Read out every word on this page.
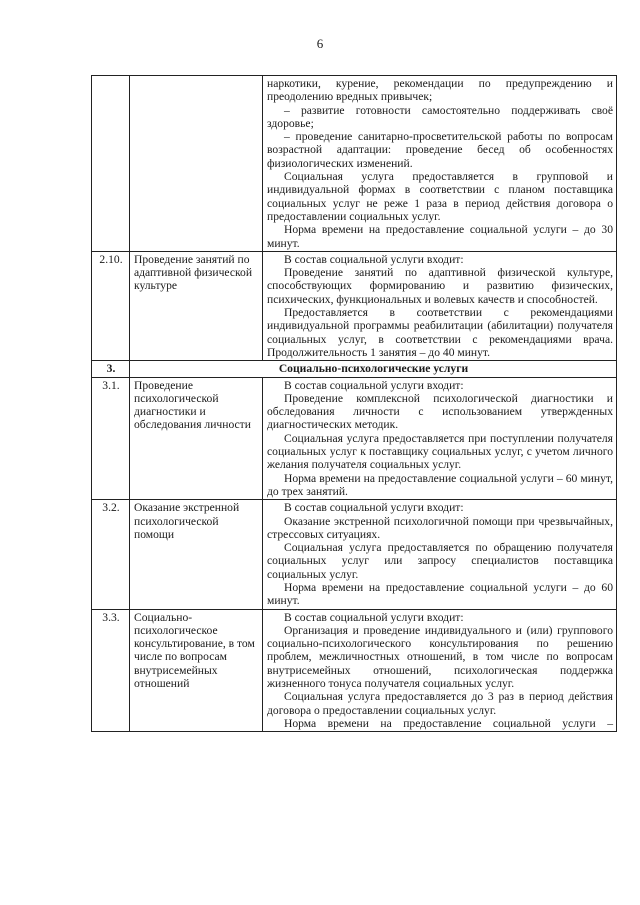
6

		наркотики, курение, рекомендации по предупреждению и преодолению вредных привычек;

– развитие готовности самостоятельно поддерживать своё здоровье;

– проведение санитарно-просветительской работы по вопросам возрастной адаптации: проведение бесед об особенностях физиологических изменений.

Социальная услуга предоставляется в групповой и индивидуальной формах в соответствии с планом поставщика социальных услуг не реже 1 раза в период действия договора о предоставлении социальных услуг.

Норма времени на предоставление социальной услуги – до 30 минут.

2.10.	Проведение занятий по адаптивной физической культуре	В состав социальной услуги входит:

Проведение занятий по адаптивной физической культуре, способствующих формированию и развитию физических, психических, функциональных и волевых качеств и способностей.

Предоставляется в соответствии с рекомендациями индивидуальной программы реабилитации (абилитации) получателя социальных услуг, в соответствии с рекомендациями врача. Продолжительность 1 занятия – до 40 минут.

3.	Социально-психологические услуги	
3.1.	Проведение психологической диагностики и обследования личности	В состав социальной услуги входит:

Проведение комплексной психологической диагностики и обследования личности с использованием утвержденных диагностических методик.

Социальная услуга предоставляется при поступлении получателя социальных услуг к поставщику социальных услуг, с учетом личного желания получателя социальных услуг.

Норма времени на предоставление социальной услуги – 60 минут, до трех занятий.

3.2.	Оказание экстренной психологической помощи	В состав социальной услуги входит:

Оказание экстренной психологичной помощи при чрезвычайных, стрессовых ситуациях.

Социальная услуга предоставляется по обращению получателя социальных услуг или запросу специалистов поставщика социальных услуг.

Норма времени на предоставление социальной услуги – до 60 минут.

3.3.	Социально-психологическое консультирование, в том числе по вопросам внутрисемейных отношений	В состав социальной услуги входит:

Организация и проведение индивидуального и (или) группового социально-психологического консультирования по решению проблем, межличностных отношений, в том числе по вопросам внутрисемейных отношений, психологическая поддержка жизненного тонуса получателя социальных услуг.

Социальная услуга предоставляется до 3 раз в период действия договора о предоставлении социальных услуг.

Норма времени на предоставление социальной услуги –
